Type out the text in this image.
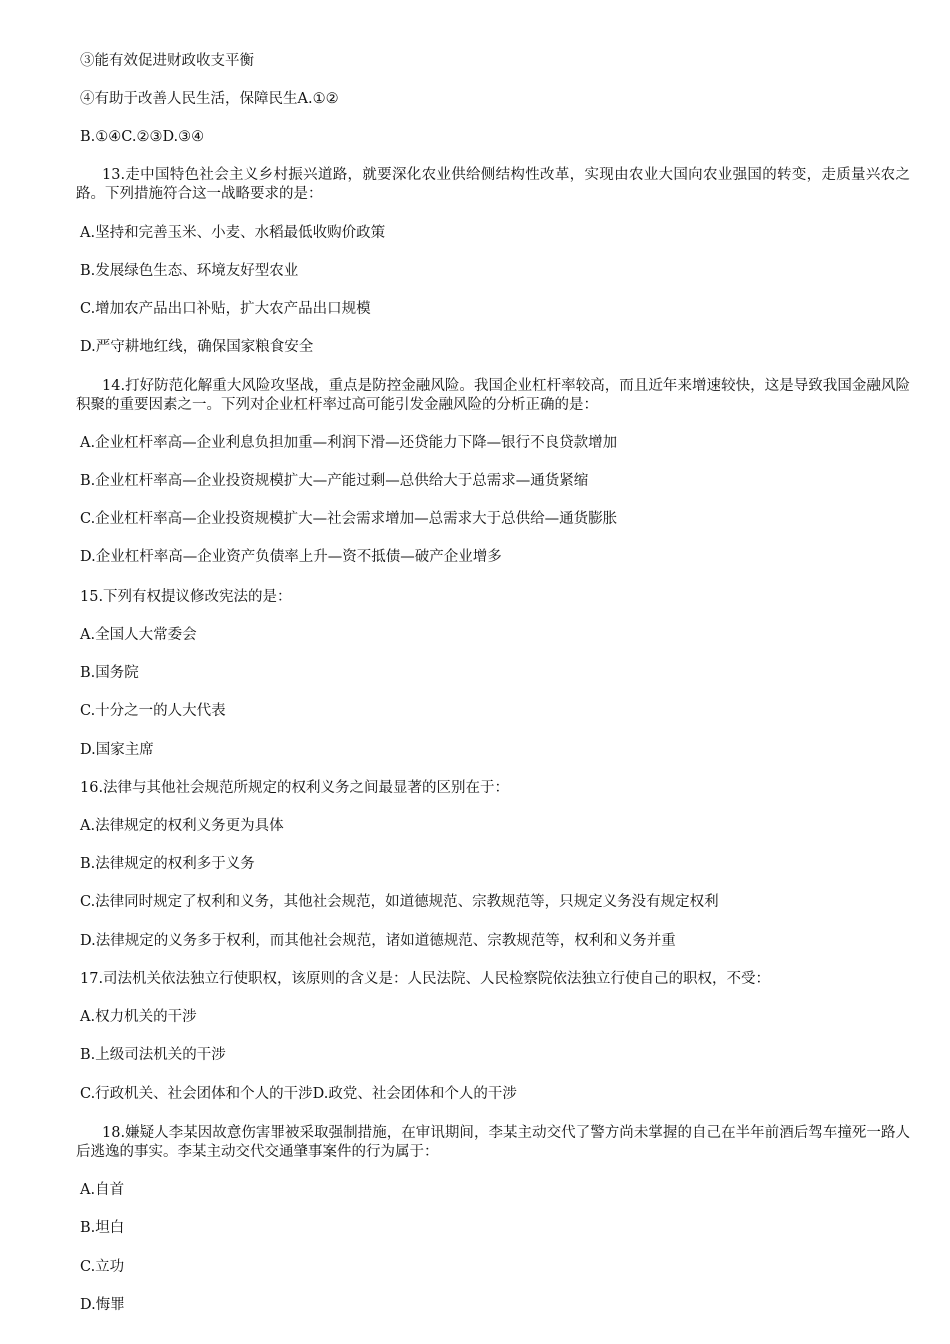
③能有效促进财政收支平衡
④有助于改善人民生活，保障民生A.①②
B.①④C.②③D.③④
13.走中国特色社会主义乡村振兴道路，就要深化农业供给侧结构性改革，实现由农业大国向农业强国的转变，走质量兴农之路。下列措施符合这一战略要求的是：
A.坚持和完善玉米、小麦、水稻最低收购价政策
B.发展绿色生态、环境友好型农业
C.增加农产品出口补贴，扩大农产品出口规模
D.严守耕地红线，确保国家粮食安全
14.打好防范化解重大风险攻坚战，重点是防控金融风险。我国企业杠杆率较高，而且近年来增速较快，这是导致我国金融风险积聚的重要因素之一。下列对企业杠杆率过高可能引发金融风险的分析正确的是：
A.企业杠杆率高—企业利息负担加重—利润下滑—还贷能力下降—银行不良贷款增加
B.企业杠杆率高—企业投资规模扩大—产能过剩—总供给大于总需求—通货紧缩
C.企业杠杆率高—企业投资规模扩大—社会需求增加—总需求大于总供给—通货膨胀
D.企业杠杆率高—企业资产负债率上升—资不抵债—破产企业增多
15.下列有权提议修改宪法的是：
A.全国人大常委会
B.国务院
C.十分之一的人大代表
D.国家主席
16.法律与其他社会规范所规定的权利义务之间最显著的区别在于：
A.法律规定的权利义务更为具体
B.法律规定的权利多于义务
C.法律同时规定了权利和义务，其他社会规范，如道德规范、宗教规范等，只规定义务没有规定权利
D.法律规定的义务多于权利，而其他社会规范，诸如道德规范、宗教规范等，权利和义务并重
17.司法机关依法独立行使职权，该原则的含义是：人民法院、人民检察院依法独立行使自己的职权，不受：
A.权力机关的干涉
B.上级司法机关的干涉
C.行政机关、社会团体和个人的干涉D.政党、社会团体和个人的干涉
18.嫌疑人李某因故意伤害罪被采取强制措施，在审讯期间，李某主动交代了警方尚未掌握的自己在半年前酒后驾车撞死一路人后逃逸的事实。李某主动交代交通肇事案件的行为属于：
A.自首
B.坦白
C.立功
D.悔罪
